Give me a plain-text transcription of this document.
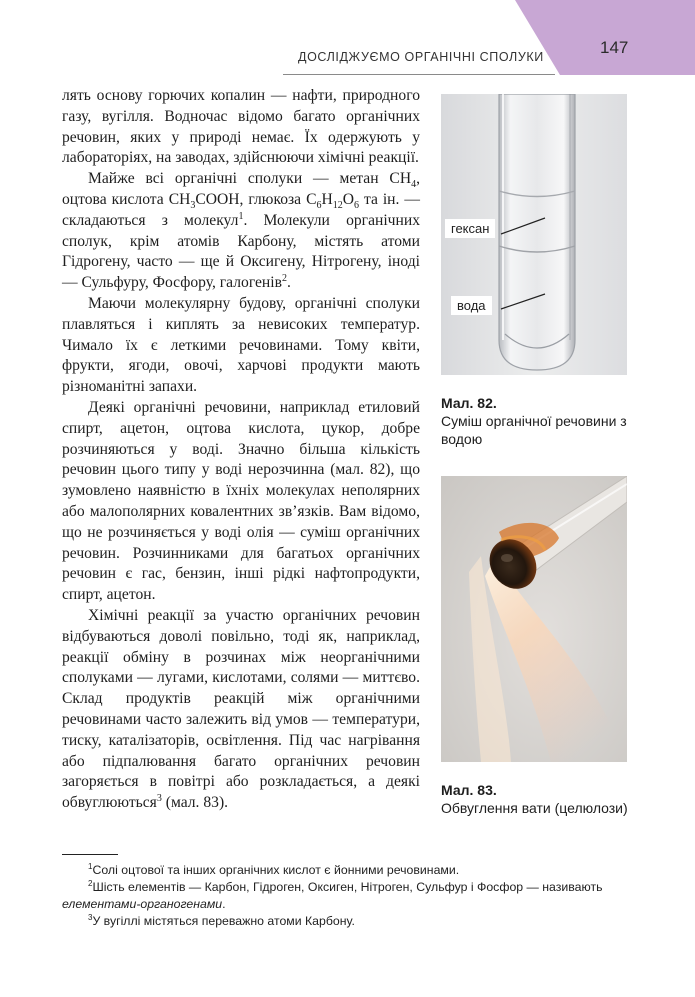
147
ДОСЛІДЖУЄМО ОРГАНІЧНІ СПОЛУКИ

лять основу горючих копалин — нафти, природного газу, вугілля. Водночас відомо багато органічних речовин, яких у природі немає. Їх одержують у лабораторіях, на заводах, здійснюючи хімічні реакції.

Майже всі органічні сполуки — метан $CH_4$, оцтова кислота $CH_3COOH$, глюкоза $C_6H_{12}O_6$ та ін. — складаються з молекул$^1$. Молекули органічних сполук, крім атомів Карбону, містять атоми Гідрогену, часто — ще й Оксигену, Нітрогену, іноді — Сульфуру, Фосфору, галогенів$^2$.

Маючи молекулярну будову, органічні сполуки плавляться і киплять за невисоких температур. Чимало їх є леткими речовинами. Тому квіти, фрукти, ягоди, овочі, харчові продукти мають різноманітні запахи.

Деякі органічні речовини, наприклад етиловий спирт, ацетон, оцтова кислота, цукор, добре розчиняються у воді. Значно більша кількість речовин цього типу у воді нерозчинна (мал. 82), що зумовлено наявністю в їхніх молекулах неполярних або малополярних ковалентних зв’язків. Вам відомо, що не розчиняється у воді олія — суміш органічних речовин. Розчинниками для багатьох органічних речовин є гас, бензин, інші рідкі нафтопродукти, спирт, ацетон.

Хімічні реакції за участю органічних речовин відбуваються доволі повільно, тоді як, наприклад, реакції обміну в розчинах між неорганічними сполуками — лугами, кислотами, солями — миттєво. Склад продуктів реакцій між органічними речовинами часто залежить від умов — температури, тиску, каталізаторів, освітлення. Під час нагрівання або підпалювання багато органічних речовин загоряється в повітрі або розкладається, а деякі обвуглюються$^3$ (мал. 83).

гексан
вода
Мал. 82.
Суміш органічної речовини з водою
Мал. 83.
Обвуглення вати (целюлози)

$^1$Солі оцтової та інших органічних кислот є йонними речовинами.

$^2$Шість елементів — Карбон, Гідроген, Оксиген, Нітроген, Сульфур і Фосфор — називають елементами-органогенами.

$^3$У вугіллі містяться переважно атоми Карбону.
